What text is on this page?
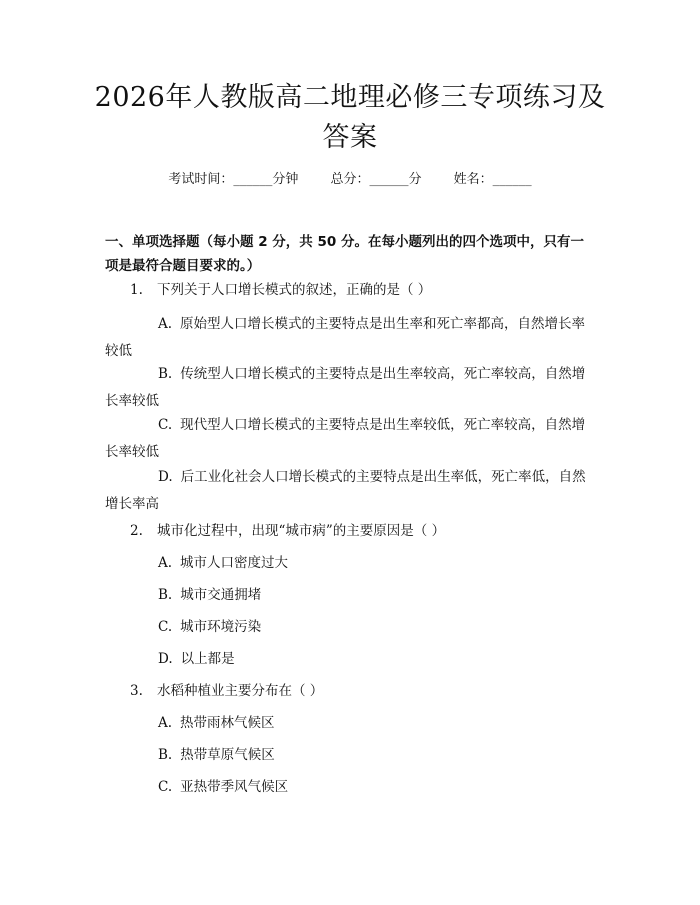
2026年人教版高二地理必修三专项练习及答案
考试时间：______分钟 总分：______分 姓名：______
一、单项选择题（每小题 2 分，共 50 分。在每小题列出的四个选项中，只有一项是最符合题目要求的。）
1. 下列关于人口增长模式的叙述，正确的是（ ）
A. 原始型人口增长模式的主要特点是出生率和死亡率都高，自然增长率较低
B. 传统型人口增长模式的主要特点是出生率较高，死亡率较高，自然增长率较低
C. 现代型人口增长模式的主要特点是出生率较低，死亡率较高，自然增长率较低
D. 后工业化社会人口增长模式的主要特点是出生率低，死亡率低，自然增长率高
2. 城市化过程中，出现“城市病”的主要原因是（ ）
A. 城市人口密度过大
B. 城市交通拥堵
C. 城市环境污染
D. 以上都是
3. 水稻种植业主要分布在（ ）
A. 热带雨林气候区
B. 热带草原气候区
C. 亚热带季风气候区
